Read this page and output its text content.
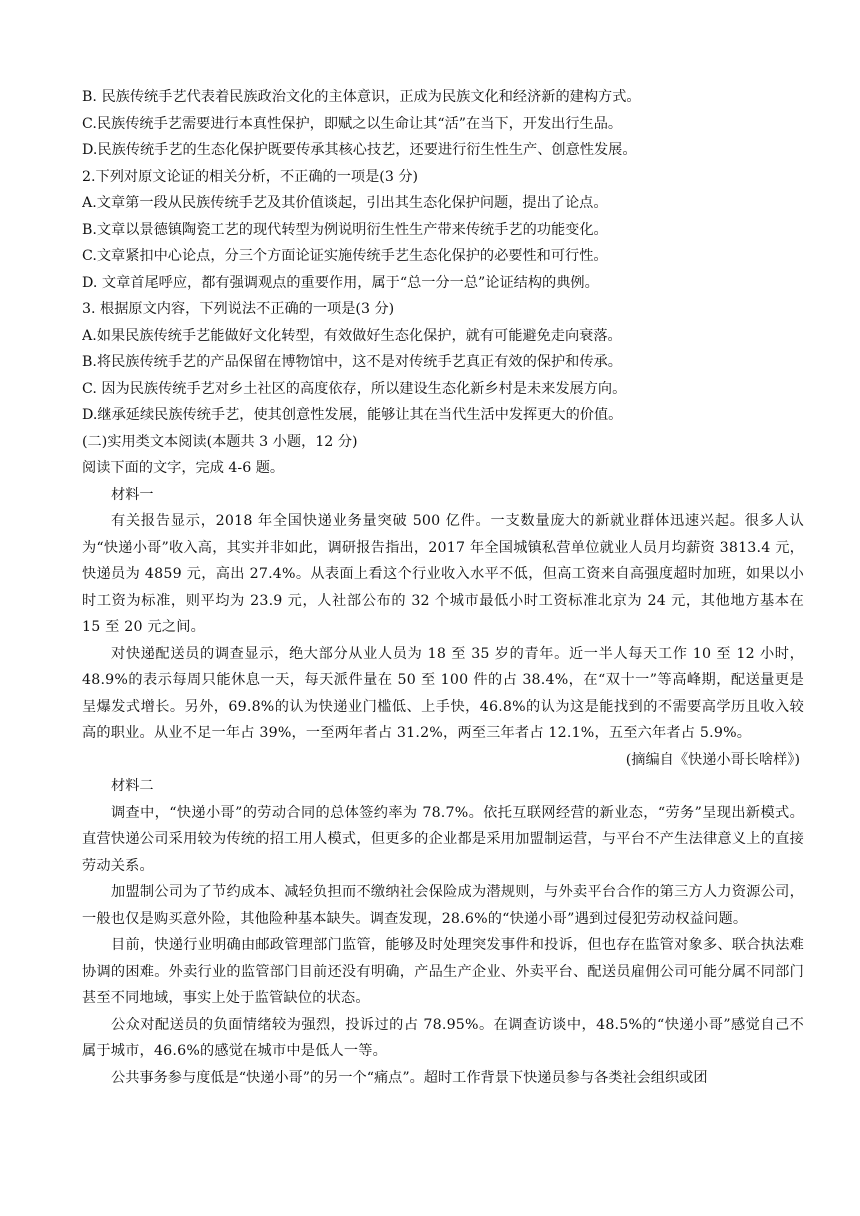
B. 民族传统手艺代表着民族政治文化的主体意识，正成为民族文化和经济新的建构方式。

C.民族传统手艺需要进行本真性保护，即赋之以生命让其“活”在当下，开发出行生品。

D.民族传统手艺的生态化保护既要传承其核心技艺，还要进行衍生性生产、创意性发展。

2.下列对原文论证的相关分析，不正确的一项是(3 分)

A.文章第一段从民族传统手艺及其价值谈起，引出其生态化保护问题，提出了论点。

B.文章以景德镇陶瓷工艺的现代转型为例说明衍生性生产带来传统手艺的功能变化。

C.文章紧扣中心论点，分三个方面论证实施传统手艺生态化保护的必要性和可行性。

D. 文章首尾呼应，都有强调观点的重要作用，属于“总一分一总”论证结构的典例。

3. 根据原文内容，下列说法不正确的一项是(3 分)

A.如果民族传统手艺能做好文化转型，有效做好生态化保护，就有可能避免走向衰落。

B.将民族传统手艺的产品保留在博物馆中，这不是对传统手艺真正有效的保护和传承。

C. 因为民族传统手艺对乡土社区的高度依存，所以建设生态化新乡村是未来发展方向。

D.继承延续民族传统手艺，使其创意性发展，能够让其在当代生活中发挥更大的价值。

(二)实用类文本阅读(本题共 3 小题，12 分)

阅读下面的文字，完成 4-6 题。

材料一

有关报告显示，2018 年全国快递业务量突破 500 亿件。一支数量庞大的新就业群体迅速兴起。很多人认为“快递小哥”收入高，其实并非如此，调研报告指出，2017 年全国城镇私营单位就业人员月均薪资 3813.4 元，快递员为 4859 元，高出 27.4%。从表面上看这个行业收入水平不低，但高工资来自高强度超时加班，如果以小时工资为标准，则平均为 23.9 元，人社部公布的 32 个城市最低小时工资标准北京为 24 元，其他地方基本在 15 至 20 元之间。

对快递配送员的调查显示，绝大部分从业人员为 18 至 35 岁的青年。近一半人每天工作 10 至 12 小时，48.9%的表示每周只能休息一天，每天派件量在 50 至 100 件的占 38.4%，在“双十一”等高峰期，配送量更是呈爆发式增长。另外，69.8%的认为快递业门槛低、上手快，46.8%的认为这是能找到的不需要高学历且收入较高的职业。从业不足一年占 39%，一至两年者占 31.2%，两至三年者占 12.1%，五至六年者占 5.9%。

(摘编自《快递小哥长啥样》)

材料二

调查中，“快递小哥”的劳动合同的总体签约率为 78.7%。依托互联网经营的新业态，“劳务”呈现出新模式。直营快递公司采用较为传统的招工用人模式，但更多的企业都是采用加盟制运营，与平台不产生法律意义上的直接劳动关系。

加盟制公司为了节约成本、减轻负担而不缴纳社会保险成为潜规则，与外卖平台合作的第三方人力资源公司，一般也仅是购买意外险，其他险种基本缺失。调查发现，28.6%的“快递小哥”遇到过侵犯劳动权益问题。

目前，快递行业明确由邮政管理部门监管，能够及时处理突发事件和投诉，但也存在监管对象多、联合执法难协调的困难。外卖行业的监管部门目前还没有明确，产品生产企业、外卖平台、配送员雇佣公司可能分属不同部门甚至不同地域，事实上处于监管缺位的状态。

公众对配送员的负面情绪较为强烈，投诉过的占 78.95%。在调查访谈中，48.5%的“快递小哥”感觉自己不属于城市，46.6%的感觉在城市中是低人一等。

公共事务参与度低是“快递小哥”的另一个“痛点”。超时工作背景下快递员参与各类社会组织或团
